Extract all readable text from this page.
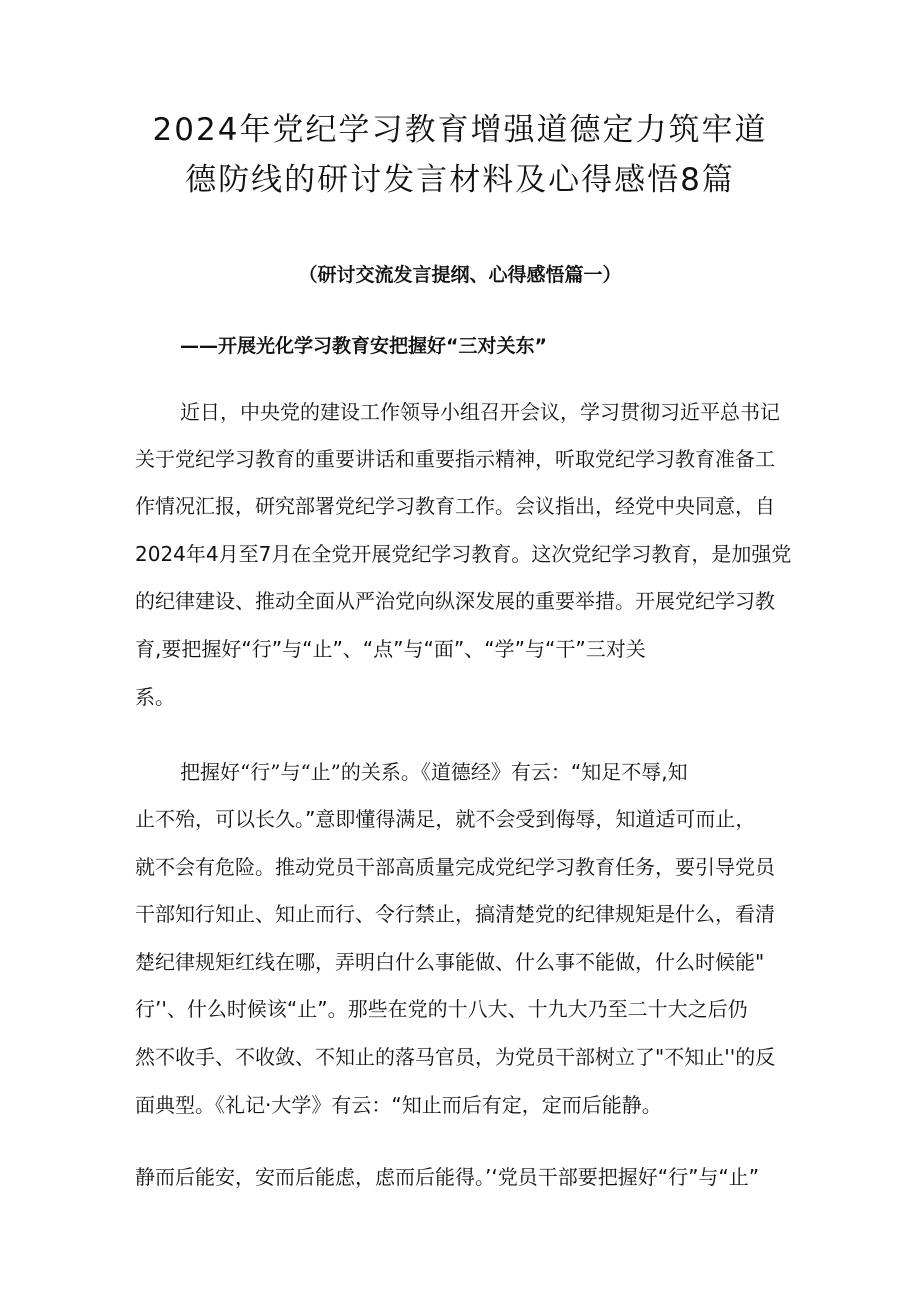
2024年党纪学习教育增强道德定力筑牢道
德防线的研讨发言材料及心得感悟8篇
（研讨交流发言提纲、心得感悟篇一）
——开展光化学习教育安把握好“三对关东”
近日，中央党的建设工作领导小组召开会议，学习贯彻习近平总书记
关于党纪学习教育的重要讲话和重要指示精神，听取党纪学习教育准备工
作情况汇报，研究部署党纪学习教育工作。会议指出，经党中央同意，自
2024年4月至7月在全党开展党纪学习教育。这次党纪学习教育，是加强党
的纪律建设、推动全面从严治党向纵深发展的重要举措。开展党纪学习教
育,要把握好“行”与“止”、“点”与“面”、“学”与“干”三对关
系。
把握好“行”与“止”的关系。《道德经》有云：“知足不辱,知
止不殆，可以长久。”意即懂得满足，就不会受到侮辱，知道适可而止，
就不会有危险。推动党员干部高质量完成党纪学习教育任务，要引导党员
干部知行知止、知止而行、令行禁止，搞清楚党的纪律规矩是什么，看清
楚纪律规矩红线在哪，弄明白什么事能做、什么事不能做，什么时候能"
行’'、什么时候该“止”。那些在党的十八大、十九大乃至二十大之后仍
然不收手、不收敛、不知止的落马官员，为党员干部树立了"不知止''的反
面典型。《礼记·大学》有云：“知止而后有定，定而后能静。
静而后能安，安而后能虑，虑而后能得。’‘党员干部要把握好“行”与“止”
